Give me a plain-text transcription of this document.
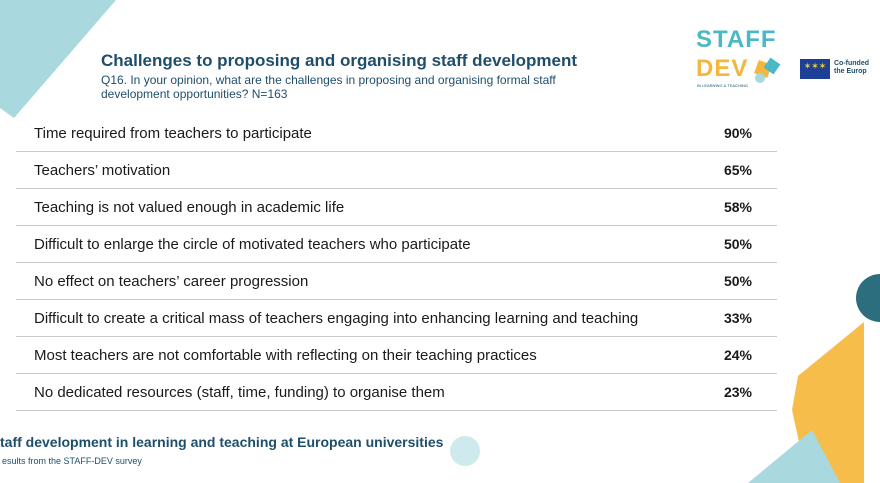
Challenges to proposing and organising staff development
Q16. In your opinion, what are the challenges in proposing and organising formal staff development opportunities? N=163
STAFF
DEV
IN LEARNING & TEACHING
✶✶✶	Co-funded
the Europ
Time required from teachers to participate	90%
Teachers’ motivation	65%
Teaching is not valued enough in academic life	58%
Difficult to enlarge the circle of motivated teachers who participate	50%
No effect on teachers’ career progression	50%
Difficult to create a critical mass of teachers engaging into enhancing learning and teaching	33%
Most teachers are not comfortable with reflecting on their teaching practices	24%
No dedicated resources (staff, time, funding) to organise them	23%
taff development in learning and teaching at European universities
esults from the STAFF-DEV survey
